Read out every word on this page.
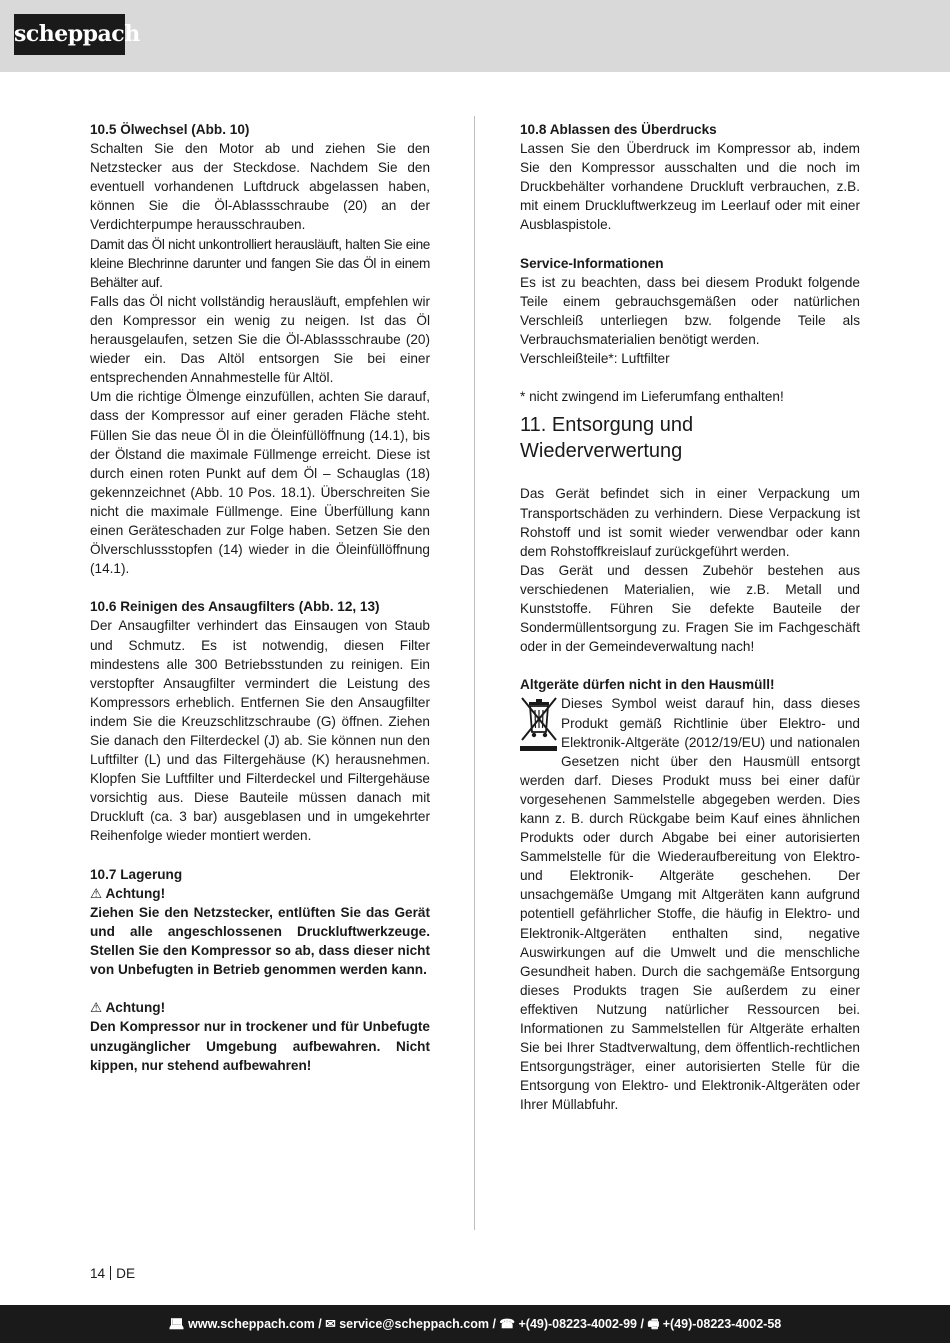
scheppach

10.5 Ölwechsel (Abb. 10)

Schalten Sie den Motor ab und ziehen Sie den Netzstecker aus der Steckdose. Nachdem Sie den eventuell vorhandenen Luftdruck abgelassen haben, können Sie die Öl-Ablassschraube (20) an der Verdichterpumpe herausschrauben.

Damit das Öl nicht unkontrolliert herausläuft, halten Sie eine kleine Blechrinne darunter und fangen Sie das Öl in einem Behälter auf.

Falls das Öl nicht vollständig herausläuft, empfehlen wir den Kompressor ein wenig zu neigen. Ist das Öl herausgelaufen, setzen Sie die Öl-Ablassschraube (20) wieder ein. Das Altöl entsorgen Sie bei einer entsprechenden Annahmestelle für Altöl.

Um die richtige Ölmenge einzufüllen, achten Sie darauf, dass der Kompressor auf einer geraden Fläche steht. Füllen Sie das neue Öl in die Öleinfüllöffnung (14.1), bis der Ölstand die maximale Füllmenge erreicht. Diese ist durch einen roten Punkt auf dem Öl – Schauglas (18) gekennzeichnet (Abb. 10 Pos. 18.1). Überschreiten Sie nicht die maximale Füllmenge. Eine Überfüllung kann einen Geräteschaden zur Folge haben. Setzen Sie den Ölverschlussstopfen (14) wieder in die Öleinfüllöffnung (14.1).

10.6 Reinigen des Ansaugfilters (Abb. 12, 13)

Der Ansaugfilter verhindert das Einsaugen von Staub und Schmutz. Es ist notwendig, diesen Filter mindestens alle 300 Betriebsstunden zu reinigen. Ein verstopfter Ansaugfilter vermindert die Leistung des Kompressors erheblich. Entfernen Sie den Ansaugfilter indem Sie die Kreuzschlitzschraube (G) öffnen. Ziehen Sie danach den Filterdeckel (J) ab. Sie können nun den Luftfilter (L) und das Filtergehäuse (K) herausnehmen. Klopfen Sie Luftfilter und Filterdeckel und Filtergehäuse vorsichtig aus. Diese Bauteile müssen danach mit Druckluft (ca. 3 bar) ausgeblasen und in umgekehrter Reihenfolge wieder montiert werden.

10.7 Lagerung

⚠ Achtung!

Ziehen Sie den Netzstecker, entlüften Sie das Gerät und alle angeschlossenen Druckluftwerkzeuge. Stellen Sie den Kompressor so ab, dass dieser nicht von Unbefugten in Betrieb genommen werden kann.

⚠ Achtung!

Den Kompressor nur in trockener und für Unbefugte unzugänglicher Umgebung aufbewahren. Nicht kippen, nur stehend aufbewahren!

10.8 Ablassen des Überdrucks

Lassen Sie den Überdruck im Kompressor ab, indem Sie den Kompressor ausschalten und die noch im Druckbehälter vorhandene Druckluft verbrauchen, z.B. mit einem Druckluftwerkzeug im Leerlauf oder mit einer Ausblaspistole.

Service-Informationen

Es ist zu beachten, dass bei diesem Produkt folgende Teile einem gebrauchsgemäßen oder natürlichen Verschleiß unterliegen bzw. folgende Teile als Verbrauchsmaterialien benötigt werden.

Verschleißteile*: Luftfilter

* nicht zwingend im Lieferumfang enthalten!

11. Entsorgung und Wiederverwertung

Das Gerät befindet sich in einer Verpackung um Transportschäden zu verhindern. Diese Verpackung ist Rohstoff und ist somit wieder verwendbar oder kann dem Rohstoffkreislauf zurückgeführt werden.

Das Gerät und dessen Zubehör bestehen aus verschiedenen Materialien, wie z.B. Metall und Kunststoffe. Führen Sie defekte Bauteile der Sondermüllentsorgung zu. Fragen Sie im Fachgeschäft oder in der Gemeindeverwaltung nach!

Altgeräte dürfen nicht in den Hausmüll!

Dieses Symbol weist darauf hin, dass dieses Produkt gemäß Richtlinie über Elektro- und Elektronik-Altgeräte (2012/19/EU) und nationalen Gesetzen nicht über den Hausmüll entsorgt werden darf. Dieses Produkt muss bei einer dafür vorgesehenen Sammelstelle abgegeben werden. Dies kann z. B. durch Rückgabe beim Kauf eines ähnlichen Produkts oder durch Abgabe bei einer autorisierten Sammelstelle für die Wiederaufbereitung von Elektro- und Elektronik- Altgeräte geschehen. Der unsachgemäße Umgang mit Altgeräten kann aufgrund potentiell gefährlicher Stoffe, die häufig in Elektro- und Elektronik-Altgeräten enthalten sind, negative Auswirkungen auf die Umwelt und die menschliche Gesundheit haben. Durch die sachgemäße Entsorgung dieses Produkts tragen Sie außerdem zu einer effektiven Nutzung natürlicher Ressourcen bei. Informationen zu Sammelstellen für Altgeräte erhalten Sie bei Ihrer Stadtverwaltung, dem öffentlich-rechtlichen Entsorgungsträger, einer autorisierten Stelle für die Entsorgung von Elektro- und Elektronik-Altgeräten oder Ihrer Müllabfuhr.

14 DE
💻︎ www.scheppach.com / ✉ service@scheppach.com / ☎ +(49)-08223-4002-99 / 🖷 +(49)-08223-4002-58
